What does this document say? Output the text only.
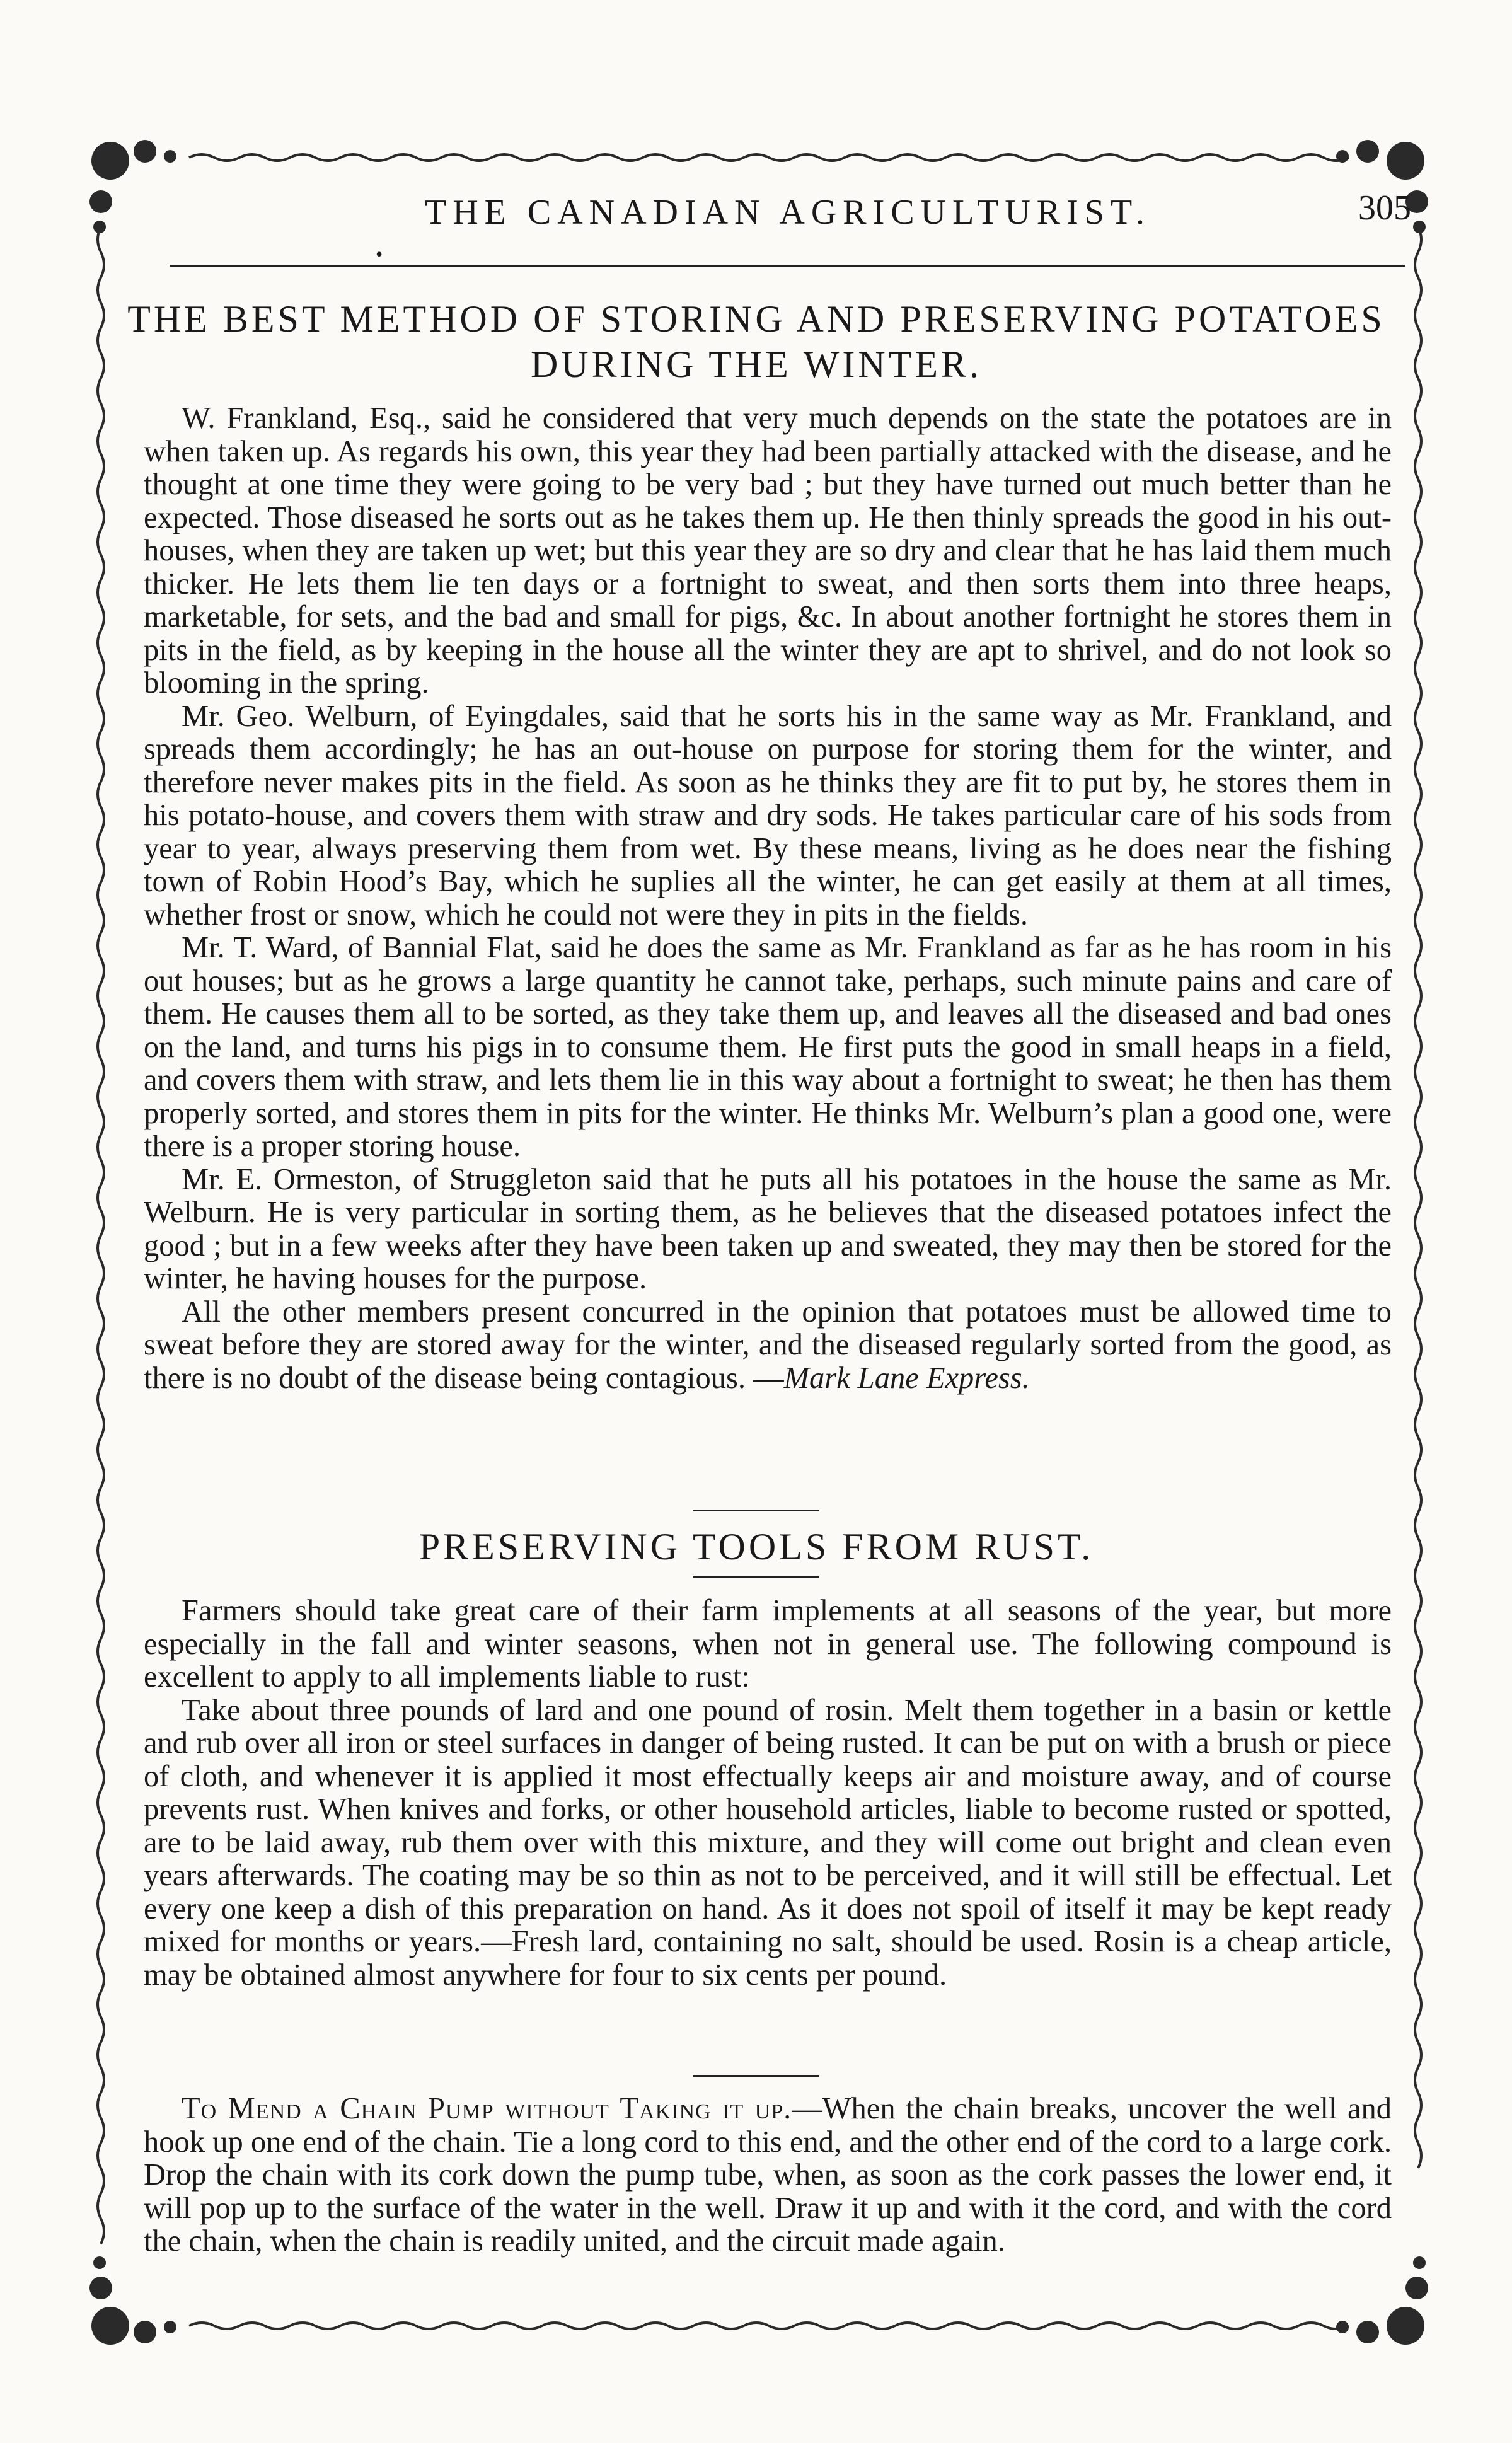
THE CANADIAN AGRICULTURIST.	305
•
THE BEST METHOD OF STORING AND PRESERVING POTATOES
DURING THE WINTER.

W. Frankland, Esq., said he considered that very much depends on the state the potatoes are in when taken up. As regards his own, this year they had been partially attacked with the disease, and he thought at one time they were going to be very bad ; but they have turned out much better than he expected. Those diseased he sorts out as he takes them up. He then thinly spreads the good in his out-houses, when they are taken up wet; but this year they are so dry and clear that he has laid them much thicker. He lets them lie ten days or a fortnight to sweat, and then sorts them into three heaps, marketable, for sets, and the bad and small for pigs, &c. In about another fortnight he stores them in pits in the field, as by keeping in the house all the winter they are apt to shrivel, and do not look so blooming in the spring.

Mr. Geo. Welburn, of Eyingdales, said that he sorts his in the same way as Mr. Frankland, and spreads them accordingly; he has an out-house on purpose for storing them for the winter, and therefore never makes pits in the field. As soon as he thinks they are fit to put by, he stores them in his potato-house, and covers them with straw and dry sods. He takes particular care of his sods from year to year, always preserving them from wet. By these means, living as he does near the fishing town of Robin Hood’s Bay, which he suplies all the winter, he can get easily at them at all times, whether frost or snow, which he could not were they in pits in the fields.

Mr. T. Ward, of Bannial Flat, said he does the same as Mr. Frankland as far as he has room in his out houses; but as he grows a large quantity he cannot take, perhaps, such minute pains and care of them. He causes them all to be sorted, as they take them up, and leaves all the diseased and bad ones on the land, and turns his pigs in to consume them. He first puts the good in small heaps in a field, and covers them with straw, and lets them lie in this way about a fortnight to sweat; he then has them properly sorted, and stores them in pits for the winter. He thinks Mr. Welburn’s plan a good one, were there is a proper storing house.

Mr. E. Ormeston, of Struggleton said that he puts all his potatoes in the house the same as Mr. Welburn. He is very particular in sorting them, as he believes that the diseased potatoes infect the good ; but in a few weeks after they have been taken up and sweated, they may then be stored for the winter, he having houses for the purpose.

All the other members present concurred in the opinion that potatoes must be allowed time to sweat before they are stored away for the winter, and the diseased regularly sorted from the good, as there is no doubt of the disease being contagious. —Mark Lane Express.

PRESERVING TOOLS FROM RUST.

Farmers should take great care of their farm implements at all seasons of the year, but more especially in the fall and winter seasons, when not in general use. The following compound is excellent to apply to all implements liable to rust:

Take about three pounds of lard and one pound of rosin. Melt them together in a basin or kettle and rub over all iron or steel surfaces in danger of being rusted. It can be put on with a brush or piece of cloth, and whenever it is applied it most effectually keeps air and moisture away, and of course prevents rust. When knives and forks, or other household articles, liable to become rusted or spotted, are to be laid away, rub them over with this mixture, and they will come out bright and clean even years afterwards. The coating may be so thin as not to be perceived, and it will still be effectual. Let every one keep a dish of this preparation on hand. As it does not spoil of itself it may be kept ready mixed for months or years.—Fresh lard, containing no salt, should be used. Rosin is a cheap article, may be obtained almost anywhere for four to six cents per pound.

To Mend a Chain Pump without Taking it up.—When the chain breaks, uncover the well and hook up one end of the chain. Tie a long cord to this end, and the other end of the cord to a large cork. Drop the chain with its cork down the pump tube, when, as soon as the cork passes the lower end, it will pop up to the surface of the water in the well. Draw it up and with it the cord, and with the cord the chain, when the chain is readily united, and the circuit made again.
